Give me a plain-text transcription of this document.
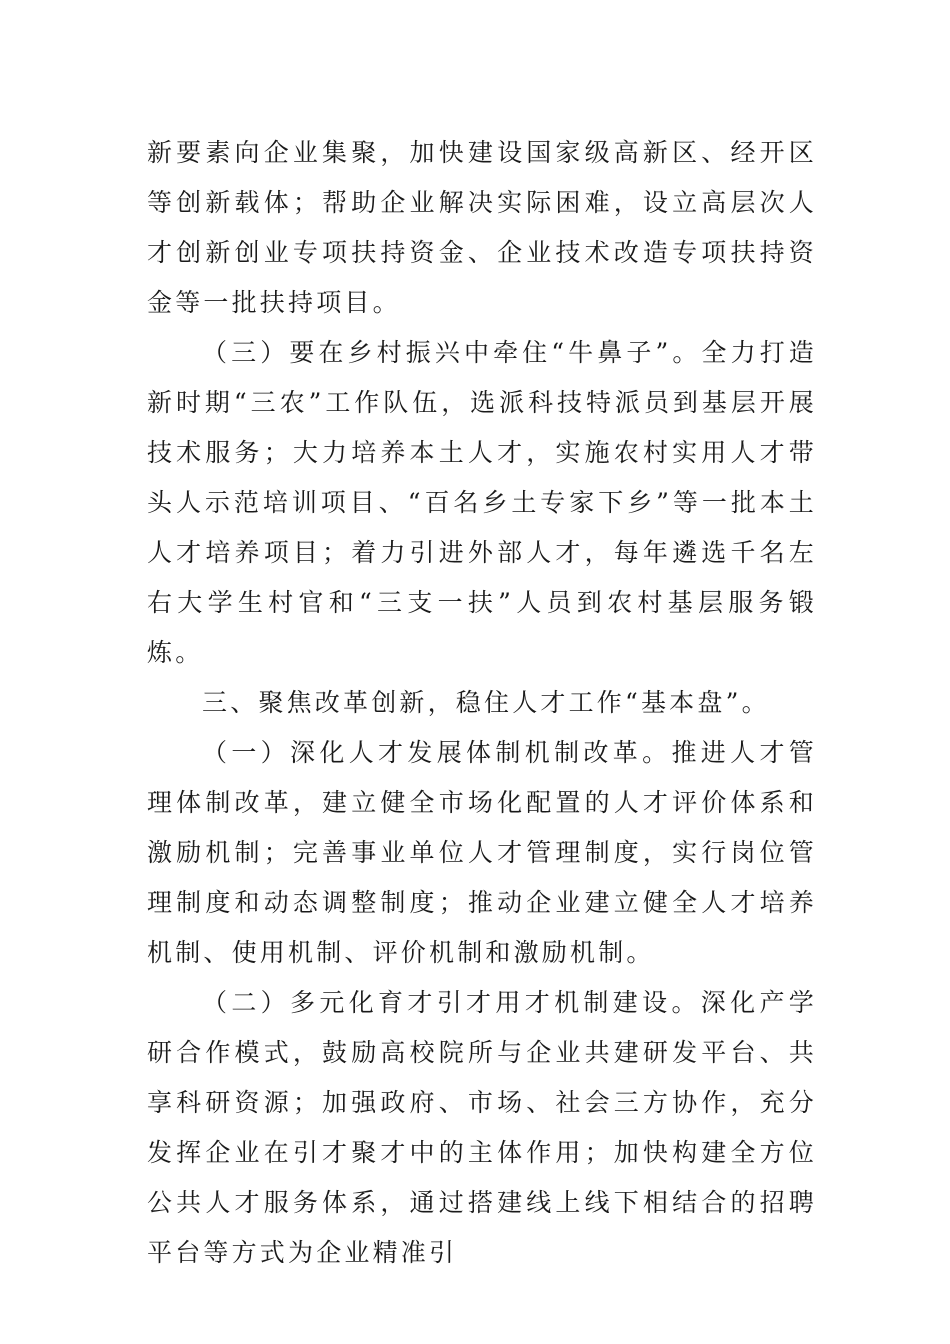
新要素向企业集聚，加快建设国家级高新区、经开区等创新载体；帮助企业解决实际困难，设立高层次人才创新创业专项扶持资金、企业技术改造专项扶持资金等一批扶持项目。

（三）要在乡村振兴中牵住“牛鼻子”。全力打造新时期“三农”工作队伍，选派科技特派员到基层开展技术服务；大力培养本土人才，实施农村实用人才带头人示范培训项目、“百名乡土专家下乡”等一批本土人才培养项目；着力引进外部人才，每年遴选千名左右大学生村官和“三支一扶”人员到农村基层服务锻炼。

三、聚焦改革创新，稳住人才工作“基本盘”。

（一）深化人才发展体制机制改革。推进人才管理体制改革，建立健全市场化配置的人才评价体系和激励机制；完善事业单位人才管理制度，实行岗位管理制度和动态调整制度；推动企业建立健全人才培养机制、使用机制、评价机制和激励机制。

（二）多元化育才引才用才机制建设。深化产学研合作模式，鼓励高校院所与企业共建研发平台、共享科研资源；加强政府、市场、社会三方协作，充分发挥企业在引才聚才中的主体作用；加快构建全方位公共人才服务体系，通过搭建线上线下相结合的招聘平台等方式为企业精准引
